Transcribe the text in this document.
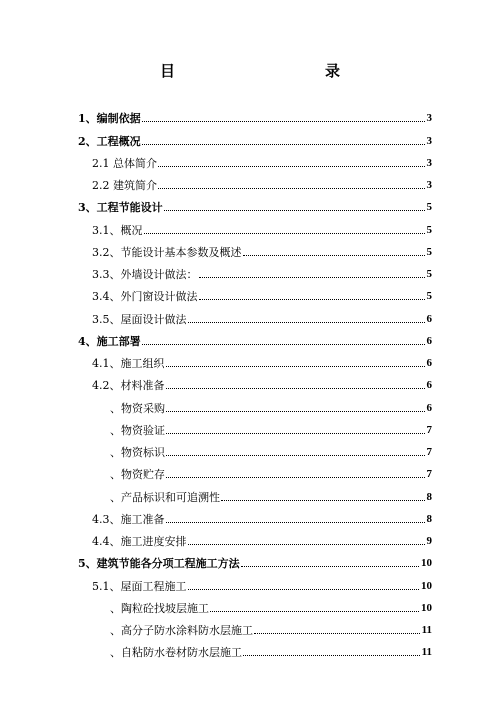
目　　录
1、编制依据	3
2、工程概况	3
2.1 总体简介	3
2.2 建筑简介	3
3、工程节能设计	5
3.1、概况	5
3.2、节能设计基本参数及概述	5
3.3、外墙设计做法：	5
3.4、外门窗设计做法	5
3.5、屋面设计做法	6
4、施工部署	6
4.1、施工组织	6
4.2、材料准备	6
、物资采购	6
、物资验证	7
、物资标识	7
、物资贮存	7
、产品标识和可追溯性	8
4.3、施工准备	8
4.4、施工进度安排	9
5、建筑节能各分项工程施工方法	10
5.1、屋面工程施工	10
、陶粒砼找坡层施工	10
、高分子防水涂料防水层施工	11
、自粘防水卷材防水层施工	11
